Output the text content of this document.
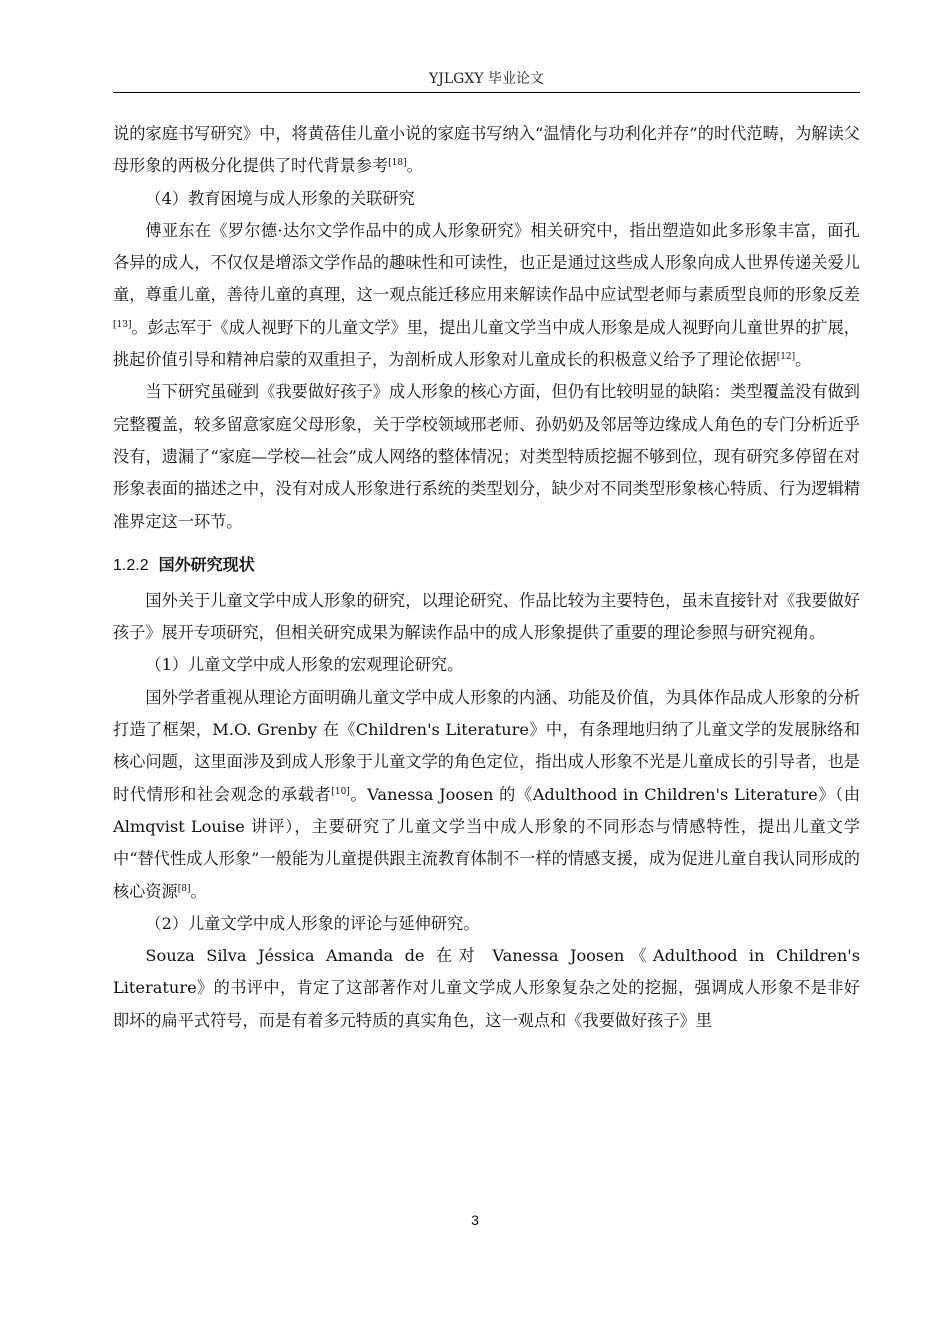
YJLGXY 毕业论文

说的家庭书写研究》中，将黄蓓佳儿童小说的家庭书写纳入“温情化与功利化并存”的时代范畴，为解读父母形象的两极分化提供了时代背景参考[18]。

（4）教育困境与成人形象的关联研究

傅亚东在《罗尔德·达尔文学作品中的成人形象研究》相关研究中，指出塑造如此多形象丰富，面孔各异的成人，不仅仅是增添文学作品的趣味性和可读性，也正是通过这些成人形象向成人世界传递关爱儿童，尊重儿童，善待儿童的真理，这一观点能迁移应用来解读作品中应试型老师与素质型良师的形象反差[13]。彭志军于《成人视野下的儿童文学》里，提出儿童文学当中成人形象是成人视野向儿童世界的扩展，挑起价值引导和精神启蒙的双重担子，为剖析成人形象对儿童成长的积极意义给予了理论依据[12]。

当下研究虽碰到《我要做好孩子》成人形象的核心方面，但仍有比较明显的缺陷：类型覆盖没有做到完整覆盖，较多留意家庭父母形象，关于学校领域邢老师、孙奶奶及邻居等边缘成人角色的专门分析近乎没有，遗漏了“家庭—学校—社会”成人网络的整体情况；对类型特质挖掘不够到位，现有研究多停留在对形象表面的描述之中，没有对成人形象进行系统的类型划分，缺少对不同类型形象核心特质、行为逻辑精准界定这一环节。

1.2.2 国外研究现状

国外关于儿童文学中成人形象的研究，以理论研究、作品比较为主要特色，虽未直接针对《我要做好孩子》展开专项研究，但相关研究成果为解读作品中的成人形象提供了重要的理论参照与研究视角。

（1）儿童文学中成人形象的宏观理论研究。

国外学者重视从理论方面明确儿童文学中成人形象的内涵、功能及价值，为具体作品成人形象的分析打造了框架，M.O. Grenby 在《Children's Literature》中，有条理地归纳了儿童文学的发展脉络和核心问题，这里面涉及到成人形象于儿童文学的角色定位，指出成人形象不光是儿童成长的引导者，也是时代情形和社会观念的承载者[10]。Vanessa Joosen 的《Adulthood in Children's Literature》（由 Almqvist Louise 讲评），主要研究了儿童文学当中成人形象的不同形态与情感特性，提出儿童文学中“替代性成人形象”一般能为儿童提供跟主流教育体制不一样的情感支援，成为促进儿童自我认同形成的核心资源[8]。

（2）儿童文学中成人形象的评论与延伸研究。

Souza Silva Jéssica Amanda de 在对 Vanessa Joosen《Adulthood in Children's Literature》的书评中，肯定了这部著作对儿童文学成人形象复杂之处的挖掘，强调成人形象不是非好即坏的扁平式符号，而是有着多元特质的真实角色，这一观点和《我要做好孩子》里

3
